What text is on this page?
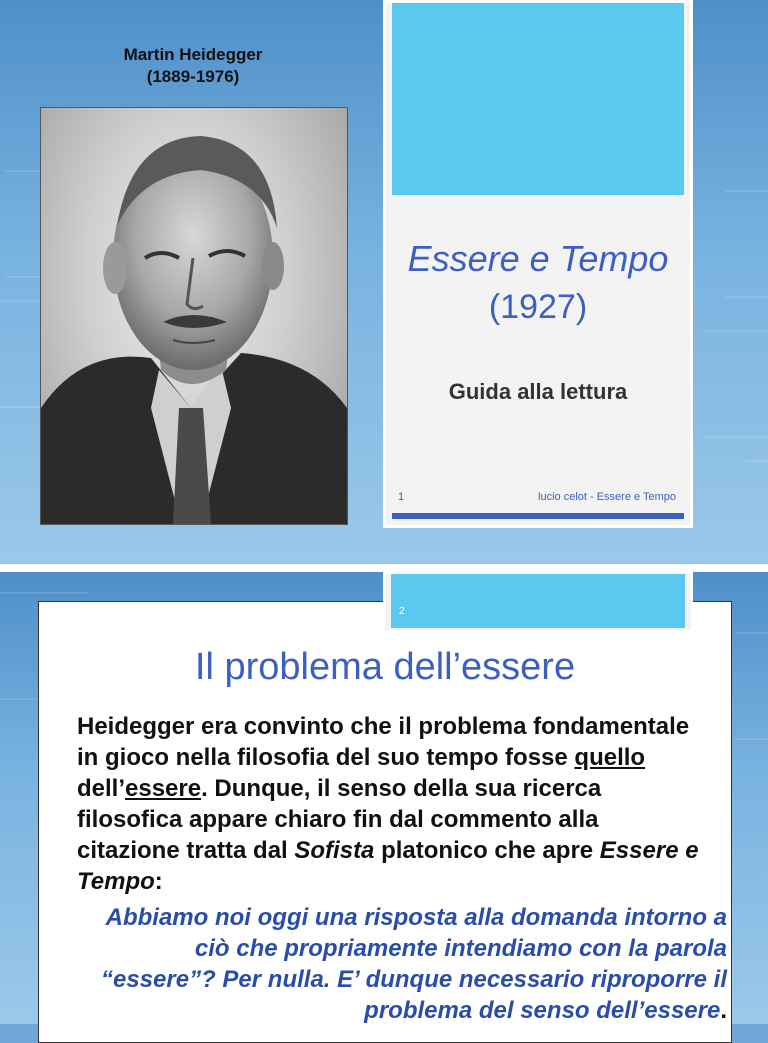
Martin Heidegger
(1889-1976)
Essere e Tempo
(1927)
Guida alla lettura
1	lucio celot - Essere e Tempo
Il problema dell’essere
Heidegger era convinto che il problema fondamentale in gioco nella filosofia del suo tempo fosse quello dell’essere. Dunque, il senso della sua ricerca filosofica appare chiaro fin dal commento alla citazione tratta dal Sofista platonico che apre Essere e Tempo:
Abbiamo noi oggi una risposta alla domanda intorno a ciò che propriamente intendiamo con la parola “essere”? Per nulla. E’ dunque necessario riproporre il problema del senso dell’essere.
2
